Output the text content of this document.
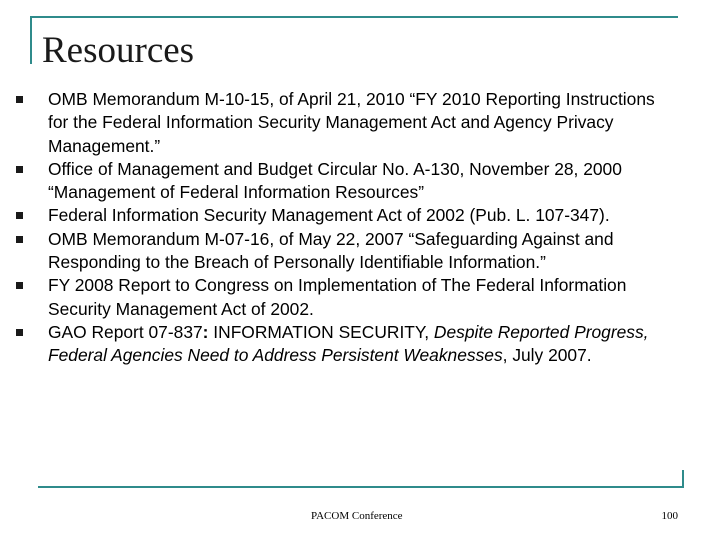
Resources
OMB Memorandum M-10-15, of April 21, 2010 “FY 2010 Reporting Instructions for the Federal Information Security Management Act and Agency Privacy Management.”
Office of Management and Budget Circular No. A-130, November 28, 2000 “Management of Federal Information Resources”
Federal Information Security Management Act of 2002 (Pub. L. 107-347).
OMB Memorandum M-07-16, of May 22, 2007 “Safeguarding Against and Responding to the Breach of Personally Identifiable Information.”
FY 2008 Report to Congress on Implementation of The Federal Information Security Management Act of 2002.
GAO Report 07-837: INFORMATION SECURITY, Despite Reported Progress, Federal Agencies Need to Address Persistent Weaknesses, July 2007.

PACOM Conference	100
